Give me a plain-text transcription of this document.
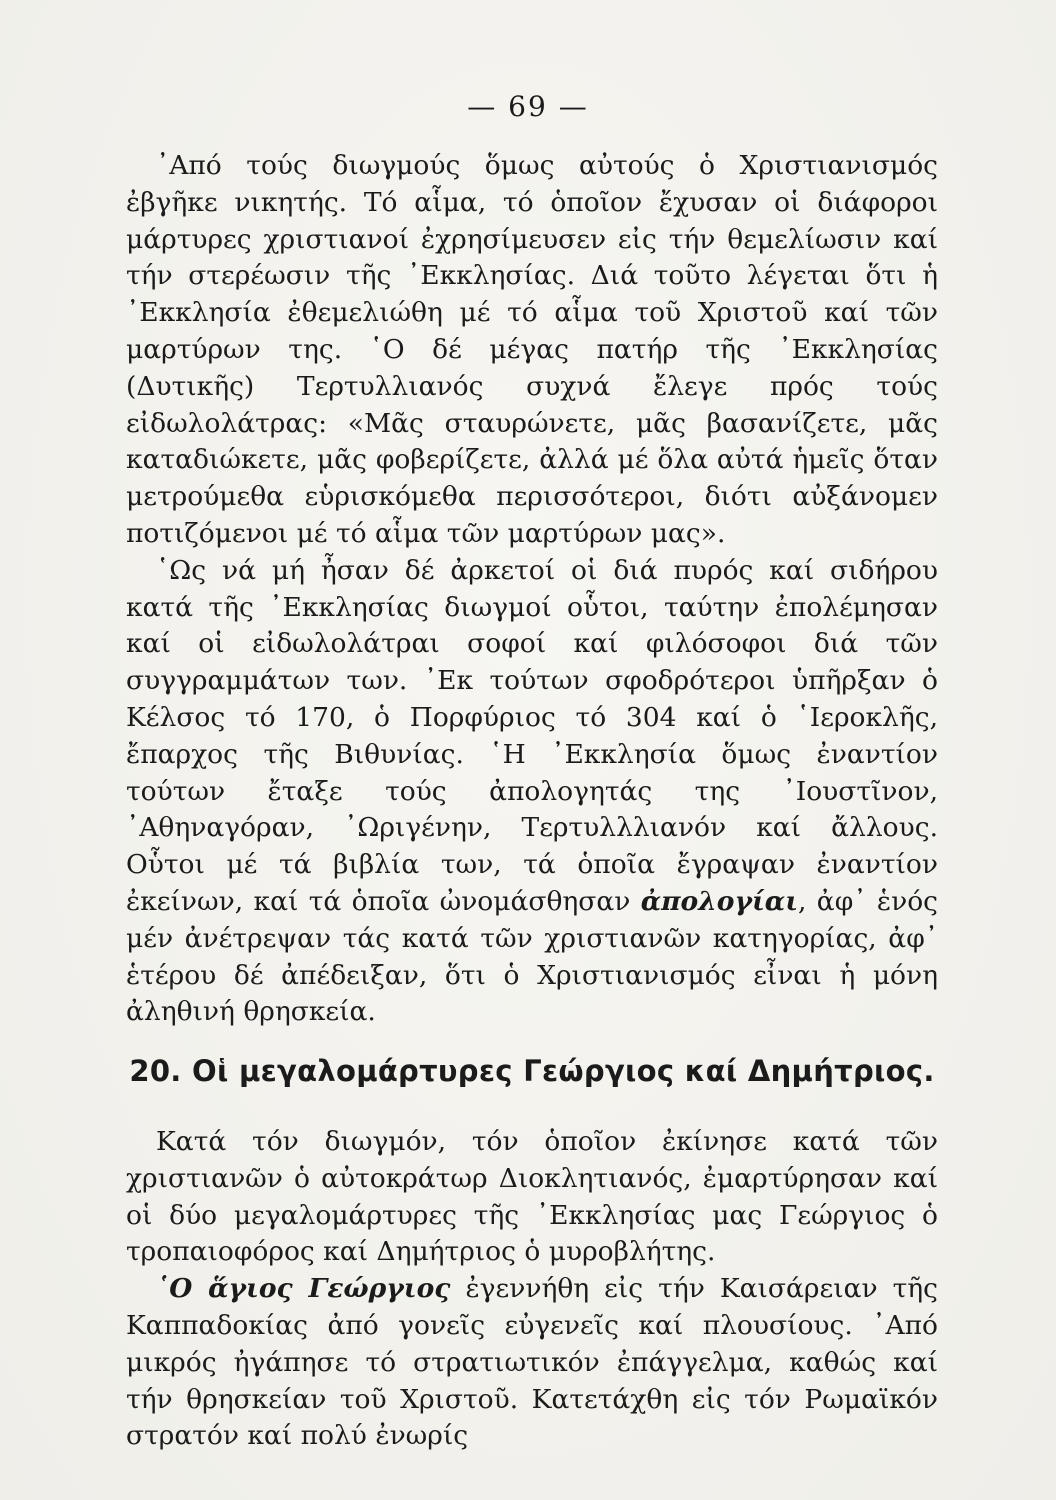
— 69 —

᾿Από τούς διωγμούς ὅμως αὐτούς ὁ Χριστιανισμός ἐβγῆκε νικητής. Τό αἷμα, τό ὁποῖον ἔχυσαν οἱ διάφοροι μάρτυρες χριστιανοί ἐχρησίμευσεν εἰς τήν θεμελίωσιν καί τήν στερέωσιν τῆς ᾿Εκκλησίας. Διά τοῦτο λέγεται ὅτι ἡ ᾿Εκκλησία ἐθεμελιώθη μέ τό αἷμα τοῦ Χριστοῦ καί τῶν μαρτύρων της. ῾Ο δέ μέγας πατήρ τῆς ᾿Εκκλησίας (Δυτικῆς) Τερτυλλιανός συχνά ἔλεγε πρός τούς εἰδωλολάτρας: «Μᾶς σταυρώνετε, μᾶς βασανίζετε, μᾶς καταδιώκετε, μᾶς φοβερίζετε, ἀλλά μέ ὅλα αὐτά ἡμεῖς ὅταν μετρούμεθα εὑρισκόμεθα περισσότεροι, διότι αὐξάνομεν ποτιζόμενοι μέ τό αἷμα τῶν μαρτύρων μας».

῾Ως νά μή ἦσαν δέ ἀρκετοί οἱ διά πυρός καί σιδήρου κατά τῆς ᾿Εκκλησίας διωγμοί οὗτοι, ταύτην ἐπολέμησαν καί οἱ εἰδωλολάτραι σοφοί καί φιλόσοφοι διά τῶν συγγραμμάτων των. ᾿Εκ τούτων σφοδρότεροι ὑπῆρξαν ὁ Κέλσος τό 170, ὁ Πορφύριος τό 304 καί ὁ ῾Ιεροκλῆς, ἔπαρχος τῆς Βιθυνίας. ῾Η ᾿Εκκλησία ὅμως ἐναντίον τούτων ἔταξε τούς ἀπολογητάς της ᾿Ιουστῖνον, ᾿Αθηναγόραν, ᾿Ωριγένην, Τερτυλλλιανόν καί ἄλλους. Οὗτοι μέ τά βιβλία των, τά ὁποῖα ἔγραψαν ἐναντίον ἐκείνων, καί τά ὁποῖα ὠνομάσθησαν ἀπολογίαι, ἀφ᾿ ἑνός μέν ἀνέτρεψαν τάς κατά τῶν χριστιανῶν κατηγορίας, ἀφ᾿ ἑτέρου δέ ἀπέδειξαν, ὅτι ὁ Χριστιανισμός εἶναι ἡ μόνη ἀληθινή θρησκεία.

20. Οἱ μεγαλομάρτυρες Γεώργιος καί Δημήτριος.

Κατά τόν διωγμόν, τόν ὁποῖον ἐκίνησε κατά τῶν χριστιανῶν ὁ αὐτοκράτωρ Διοκλητιανός, ἐμαρτύρησαν καί οἱ δύο μεγαλομάρτυρες τῆς ᾿Εκκλησίας μας Γεώργιος ὁ τροπαιοφόρος καί Δημήτριος ὁ μυροβλήτης.

῾Ο ἅγιος Γεώργιος ἐγεννήθη εἰς τήν Καισάρειαν τῆς Καππαδοκίας ἀπό γονεῖς εὐγενεῖς καί πλουσίους. ᾿Από μικρός ἠγάπησε τό στρατιωτικόν ἐπάγγελμα, καθώς καί τήν θρησκείαν τοῦ Χριστοῦ. Κατετάχθη εἰς τόν Ρωμαϊκόν στρατόν καί πολύ ἐνωρίς
